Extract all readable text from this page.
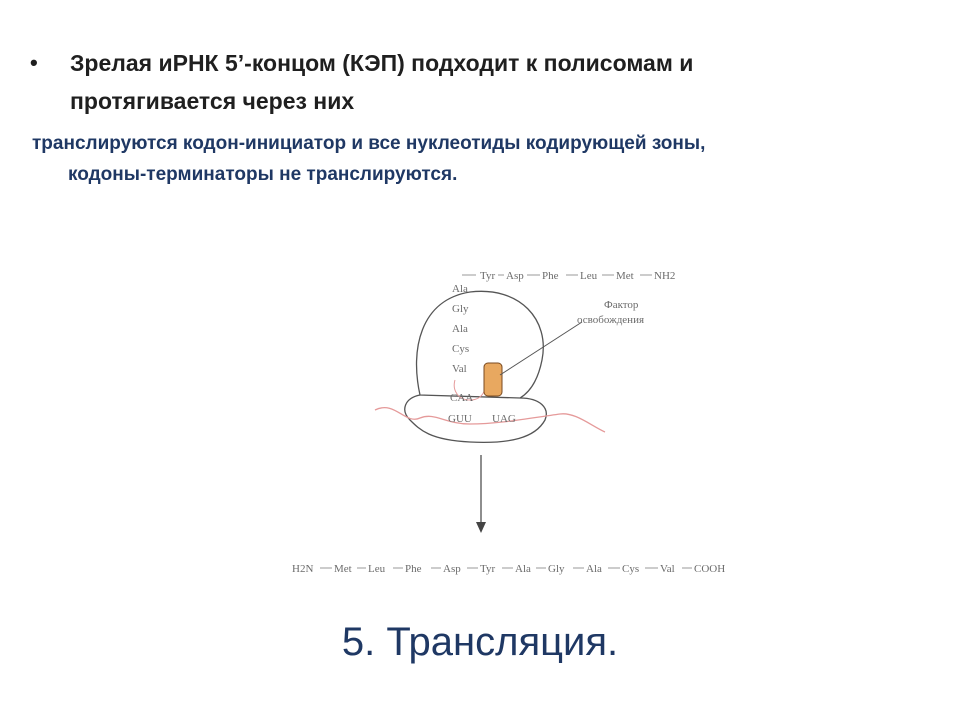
• Зрелая иРНК 5’-концом (КЭП) подходит к полисомам и
протягивается через них
транслируются кодон-инициатор и все нуклеотиды кодирующей зоны,
кодоны-терминаторы не транслируются.
Tyr Asp Phe Leu Met NH2
Ala
Gly
Ala
Cys
Val
CAA
GUU UAG
Фактор
освобождения
H2N Met Leu Phe Asp Tyr Ala Gly Ala Cys Val COOH
5. Трансляция.
